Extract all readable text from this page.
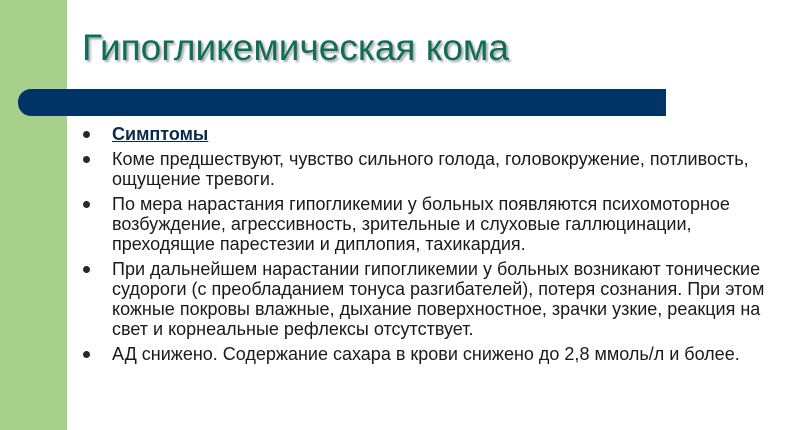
Гипогликемическая кома
Симптомы
Коме предшествуют, чувство сильного голода, головокружение, потливость, ощущение тревоги.
По мера нарастания гипогликемии у больных появляются психомоторное возбуждение, агрессивность, зрительные и слуховые галлюцинации, преходящие парестезии и диплопия, тахикардия.
При дальнейшем нарастании гипогликемии у больных возникают тонические судороги (с преобладанием тонуса разгибателей), потеря сознания. При этом кожные покровы влажные, дыхание поверхностное, зрачки узкие, реакция на свет и корнеальные рефлексы отсутствует.
АД снижено. Содержание сахара в крови снижено до 2,8 ммоль/л и более.
